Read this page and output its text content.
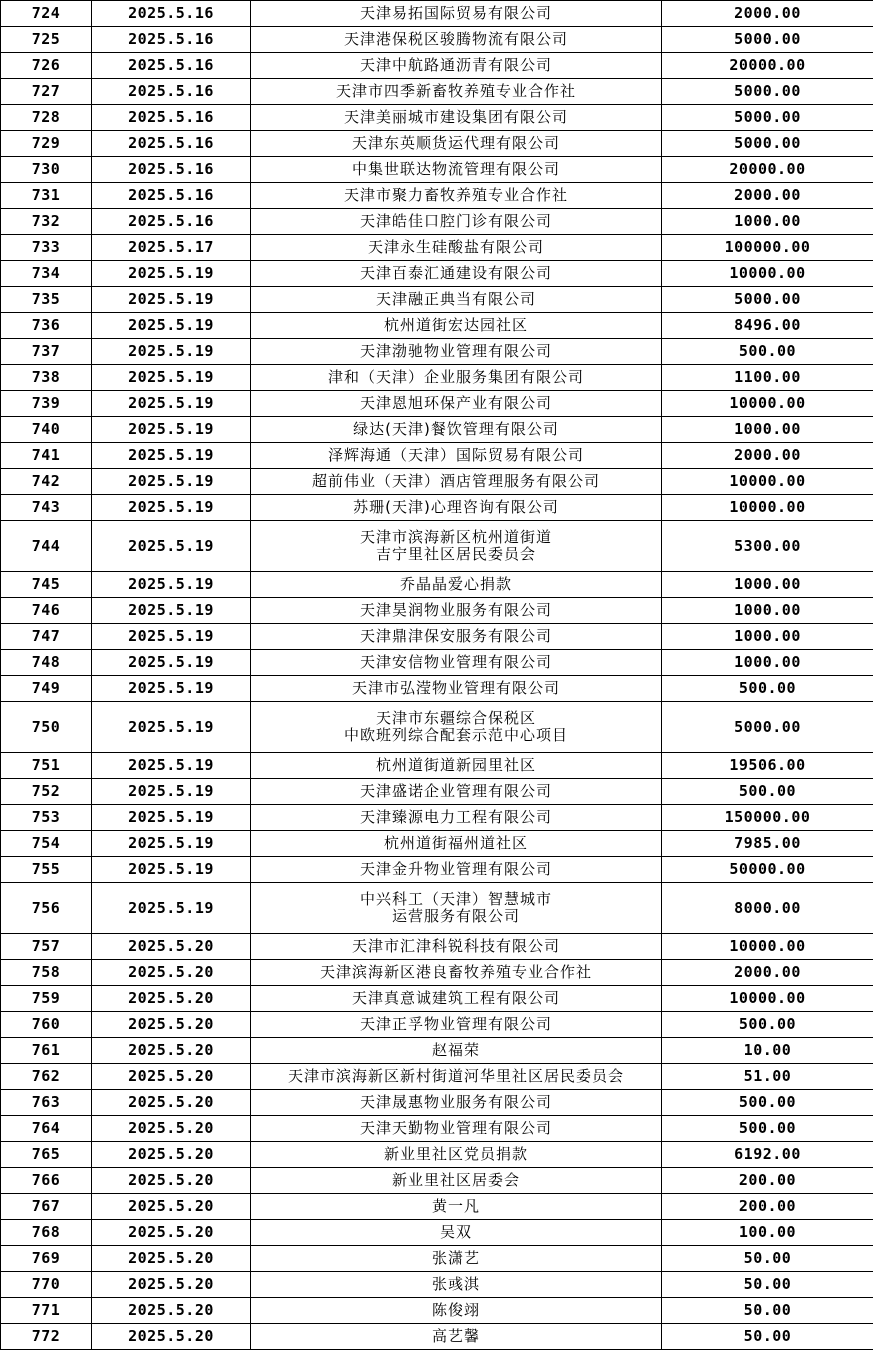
724	2025.5.16	天津易拓国际贸易有限公司	2000.00
725	2025.5.16	天津港保税区骏腾物流有限公司	5000.00
726	2025.5.16	天津中航路通沥青有限公司	20000.00
727	2025.5.16	天津市四季新畜牧养殖专业合作社	5000.00
728	2025.5.16	天津美丽城市建设集团有限公司	5000.00
729	2025.5.16	天津东英顺货运代理有限公司	5000.00
730	2025.5.16	中集世联达物流管理有限公司	20000.00
731	2025.5.16	天津市聚力畜牧养殖专业合作社	2000.00
732	2025.5.16	天津皓佳口腔门诊有限公司	1000.00
733	2025.5.17	天津永生硅酸盐有限公司	100000.00
734	2025.5.19	天津百泰汇通建设有限公司	10000.00
735	2025.5.19	天津融正典当有限公司	5000.00
736	2025.5.19	杭州道街宏达园社区	8496.00
737	2025.5.19	天津渤驰物业管理有限公司	500.00
738	2025.5.19	津和（天津）企业服务集团有限公司	1100.00
739	2025.5.19	天津恩旭环保产业有限公司	10000.00
740	2025.5.19	绿达(天津)餐饮管理有限公司	1000.00
741	2025.5.19	泽辉海通（天津）国际贸易有限公司	2000.00
742	2025.5.19	超前伟业（天津）酒店管理服务有限公司	10000.00
743	2025.5.19	苏珊(天津)心理咨询有限公司	10000.00
744	2025.5.19	天津市滨海新区杭州道街道
吉宁里社区居民委员会	5300.00
745	2025.5.19	乔晶晶爱心捐款	1000.00
746	2025.5.19	天津昊润物业服务有限公司	1000.00
747	2025.5.19	天津鼎津保安服务有限公司	1000.00
748	2025.5.19	天津安信物业管理有限公司	1000.00
749	2025.5.19	天津市弘滢物业管理有限公司	500.00
750	2025.5.19	天津市东疆综合保税区
中欧班列综合配套示范中心项目	5000.00
751	2025.5.19	杭州道街道新园里社区	19506.00
752	2025.5.19	天津盛诺企业管理有限公司	500.00
753	2025.5.19	天津臻源电力工程有限公司	150000.00
754	2025.5.19	杭州道街福州道社区	7985.00
755	2025.5.19	天津金升物业管理有限公司	50000.00
756	2025.5.19	中兴科工（天津）智慧城市
运营服务有限公司	8000.00
757	2025.5.20	天津市汇津科锐科技有限公司	10000.00
758	2025.5.20	天津滨海新区港良畜牧养殖专业合作社	2000.00
759	2025.5.20	天津真意诚建筑工程有限公司	10000.00
760	2025.5.20	天津正孚物业管理有限公司	500.00
761	2025.5.20	赵福荣	10.00
762	2025.5.20	天津市滨海新区新村街道河华里社区居民委员会	51.00
763	2025.5.20	天津晟惠物业服务有限公司	500.00
764	2025.5.20	天津天勤物业管理有限公司	500.00
765	2025.5.20	新业里社区党员捐款	6192.00
766	2025.5.20	新业里社区居委会	200.00
767	2025.5.20	黄一凡	200.00
768	2025.5.20	吴双	100.00
769	2025.5.20	张潇艺	50.00
770	2025.5.20	张彧淇	50.00
771	2025.5.20	陈俊翊	50.00
772	2025.5.20	高艺馨	50.00
